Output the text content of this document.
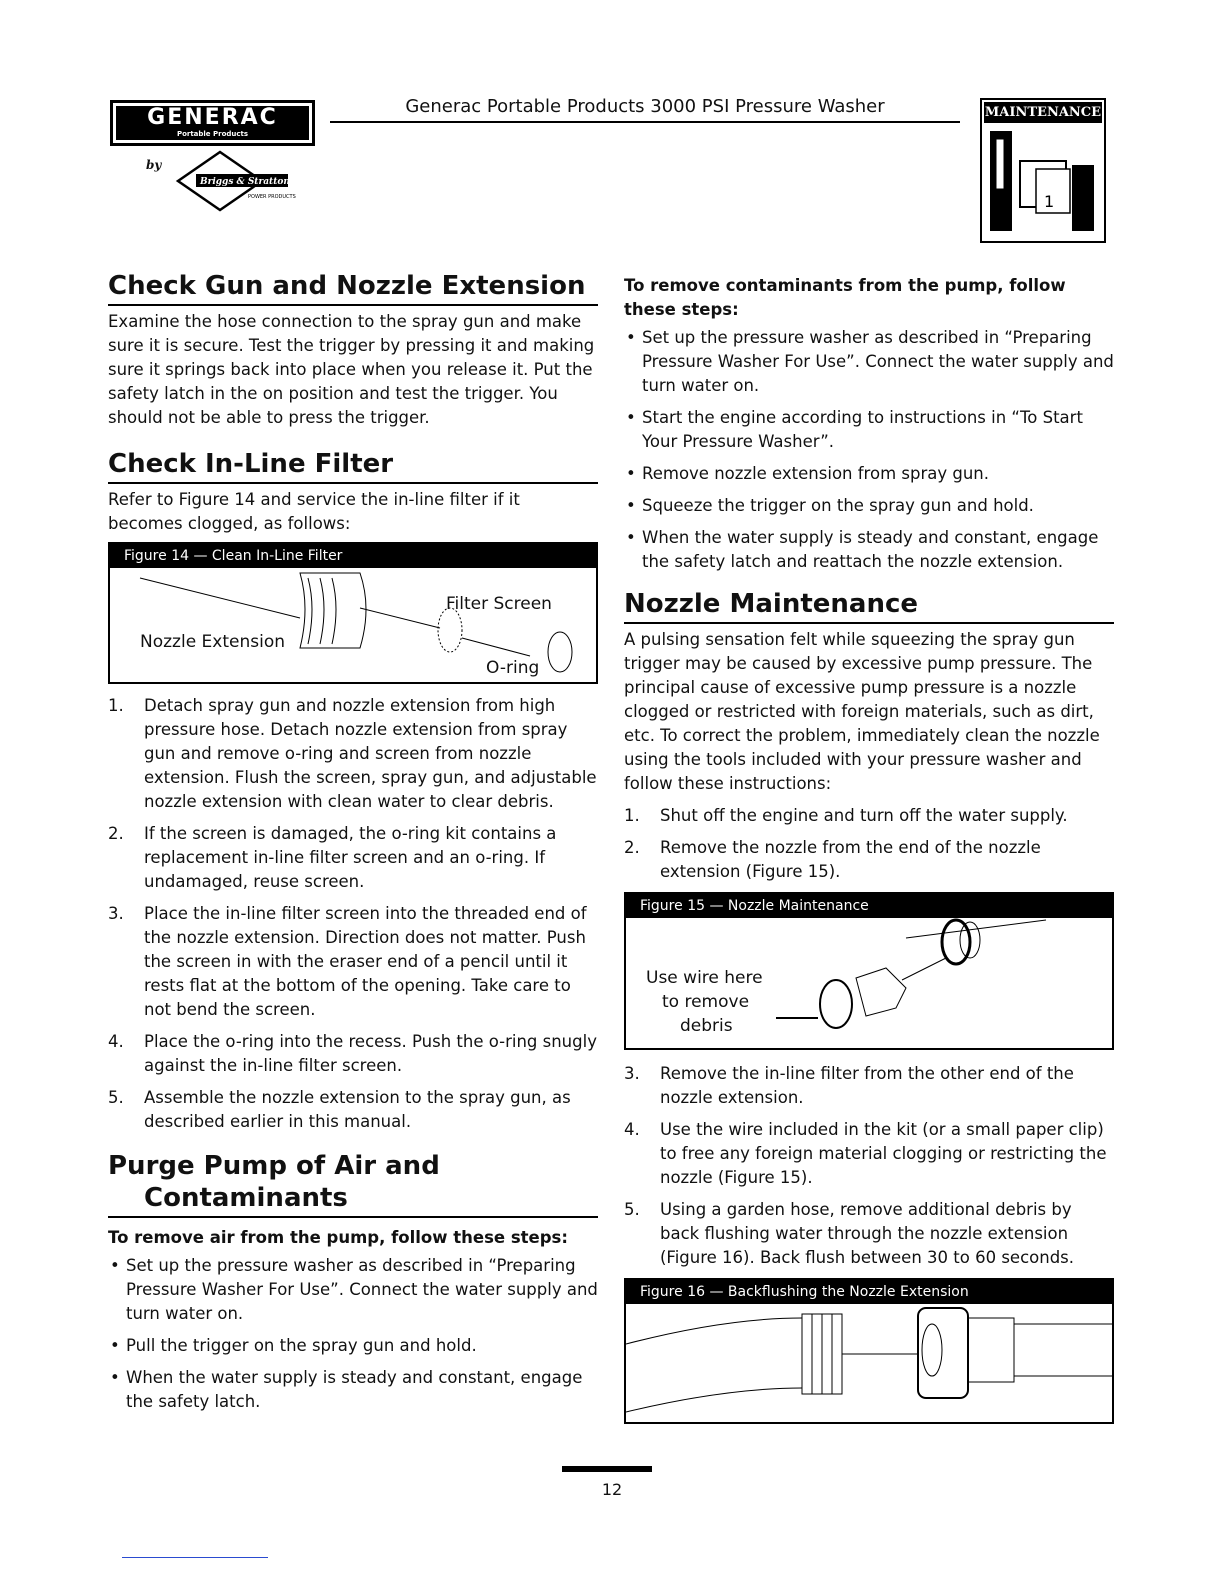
GENERAC
Portable Products
by
Briggs & Stratton
POWER PRODUCTS
Generac Portable Products 3000 PSI Pressure Washer	MAINTENANCE
1
Check Gun and Nozzle Extension

Examine the hose connection to the spray gun and make sure it is secure. Test the trigger by pressing it and making sure it springs back into place when you release it. Put the safety latch in the on position and test the trigger. You should not be able to press the trigger.

Check In-Line Filter

Refer to Figure 14 and service the in-line filter if it becomes clogged, as follows:

Figure 14 — Clean In-Line Filter
Filter Screen
Nozzle Extension
O-ring
1. Detach spray gun and nozzle extension from high pressure hose. Detach nozzle extension from spray gun and remove o-ring and screen from nozzle extension. Flush the screen, spray gun, and adjustable nozzle extension with clean water to clear debris.
2. If the screen is damaged, the o-ring kit contains a replacement in-line filter screen and an o-ring. If undamaged, reuse screen.
3. Place the in-line filter screen into the threaded end of the nozzle extension. Direction does not matter. Push the screen in with the eraser end of a pencil until it rests flat at the bottom of the opening. Take care to not bend the screen.
4. Place the o-ring into the recess. Push the o-ring snugly against the in-line filter screen.
5. Assemble the nozzle extension to the spray gun, as described earlier in this manual.
Purge Pump of Air and
Contaminants

To remove air from the pump, follow these steps:

• Set up the pressure washer as described in “Preparing Pressure Washer For Use”. Connect the water supply and turn water on.
• Pull the trigger on the spray gun and hold.
• When the water supply is steady and constant, engage the safety latch.

To remove contaminants from the pump, follow these steps:

• Set up the pressure washer as described in “Preparing Pressure Washer For Use”. Connect the water supply and turn water on.
• Start the engine according to instructions in “To Start Your Pressure Washer”.
• Remove nozzle extension from spray gun.
• Squeeze the trigger on the spray gun and hold.
• When the water supply is steady and constant, engage the safety latch and reattach the nozzle extension.
Nozzle Maintenance

A pulsing sensation felt while squeezing the spray gun trigger may be caused by excessive pump pressure. The principal cause of excessive pump pressure is a nozzle clogged or restricted with foreign materials, such as dirt, etc. To correct the problem, immediately clean the nozzle using the tools included with your pressure washer and follow these instructions:

1. Shut off the engine and turn off the water supply.
2. Remove the nozzle from the end of the nozzle extension (Figure 15).
Figure 15 — Nozzle Maintenance
Use wire here
to remove
debris
3. Remove the in-line filter from the other end of the nozzle extension.
4. Use the wire included in the kit (or a small paper clip) to free any foreign material clogging or restricting the nozzle (Figure 15).
5. Using a garden hose, remove additional debris by back flushing water through the nozzle extension (Figure 16). Back flush between 30 to 60 seconds.
Figure 16 — Backflushing the Nozzle Extension
12
